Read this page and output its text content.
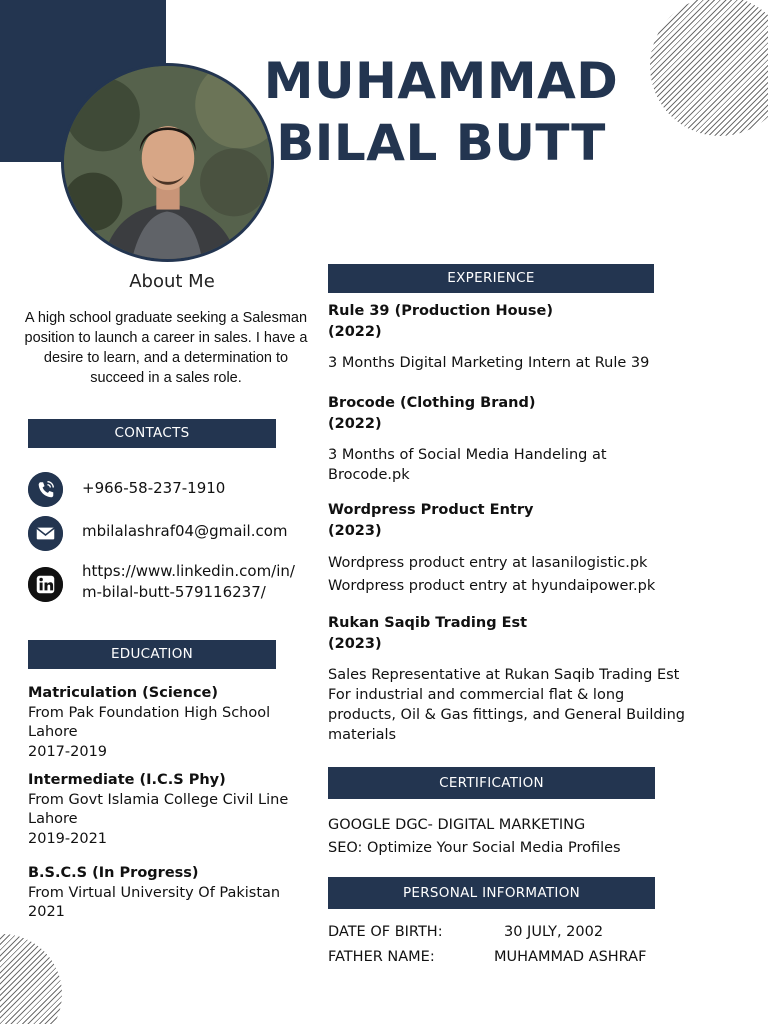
MUHAMMAD
BILAL BUTT
About Me
A high school graduate seeking a Salesman position to launch a career in sales. I have a desire to learn, and a determination to succeed in a sales role.
CONTACTS
+966-58-237-1910
mbilalashraf04@gmail.com
https://www.linkedin.com/in/m-bilal-butt-579116237/
EDUCATION
Matriculation (Science)
From Pak Foundation High School
Lahore
2017-2019
Intermediate (I.C.S Phy)
From Govt Islamia College Civil Line
Lahore
2019-2021
B.S.C.S (In Progress)
From Virtual University Of Pakistan
2021
EXPERIENCE
Rule 39 (Production House)
(2022)
3 Months Digital Marketing Intern at Rule 39
Brocode (Clothing Brand)
(2022)
3 Months of Social Media Handeling at
Brocode.pk
Wordpress Product Entry
(2023)
Wordpress product entry at lasanilogistic.pk
Wordpress product entry at hyundaipower.pk
Rukan Saqib Trading Est
(2023)
Sales Representative at Rukan Saqib Trading Est
For industrial and commercial flat & long
products, Oil & Gas fittings, and General Building
materials
CERTIFICATION
GOOGLE DGC- DIGITAL MARKETING
SEO: Optimize Your Social Media Profiles
PERSONAL INFORMATION
DATE OF BIRTH:	30 JULY, 2002
FATHER NAME:	MUHAMMAD ASHRAF
